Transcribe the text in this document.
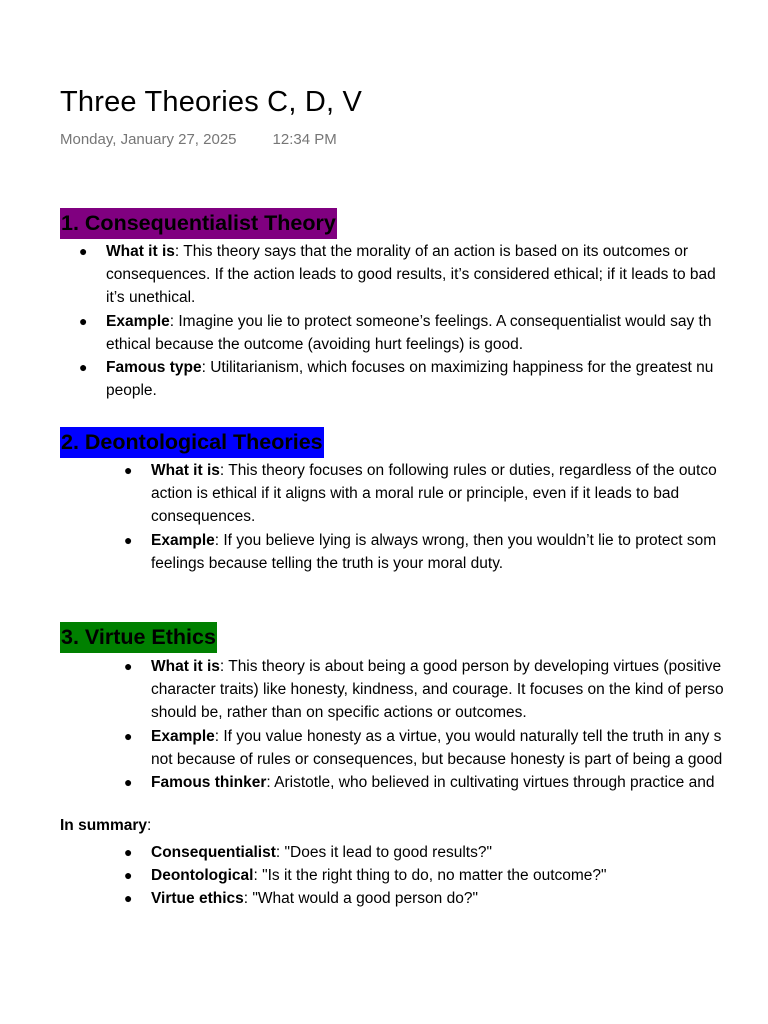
Three Theories C, D, V
Monday, January 27, 2025 12:34 PM
1. Consequentialist Theory
● What it is: This theory says that the morality of an action is based on its outcomes or
consequences. If the action leads to good results, it’s considered ethical; if it leads to bad
it’s unethical.
● Example: Imagine you lie to protect someone’s feelings. A consequentialist would say th
ethical because the outcome (avoiding hurt feelings) is good.
● Famous type: Utilitarianism, which focuses on maximizing happiness for the greatest nu
people.
2. Deontological Theories
● What it is: This theory focuses on following rules or duties, regardless of the outco
action is ethical if it aligns with a moral rule or principle, even if it leads to bad
consequences.
● Example: If you believe lying is always wrong, then you wouldn’t lie to protect som
feelings because telling the truth is your moral duty.
3. Virtue Ethics
● What it is: This theory is about being a good person by developing virtues (positive
character traits) like honesty, kindness, and courage. It focuses on the kind of perso
should be, rather than on specific actions or outcomes.
● Example: If you value honesty as a virtue, you would naturally tell the truth in any s
not because of rules or consequences, but because honesty is part of being a good
● Famous thinker: Aristotle, who believed in cultivating virtues through practice and
In summary:
● Consequentialist: "Does it lead to good results?"
● Deontological: "Is it the right thing to do, no matter the outcome?"
● Virtue ethics: "What would a good person do?"
